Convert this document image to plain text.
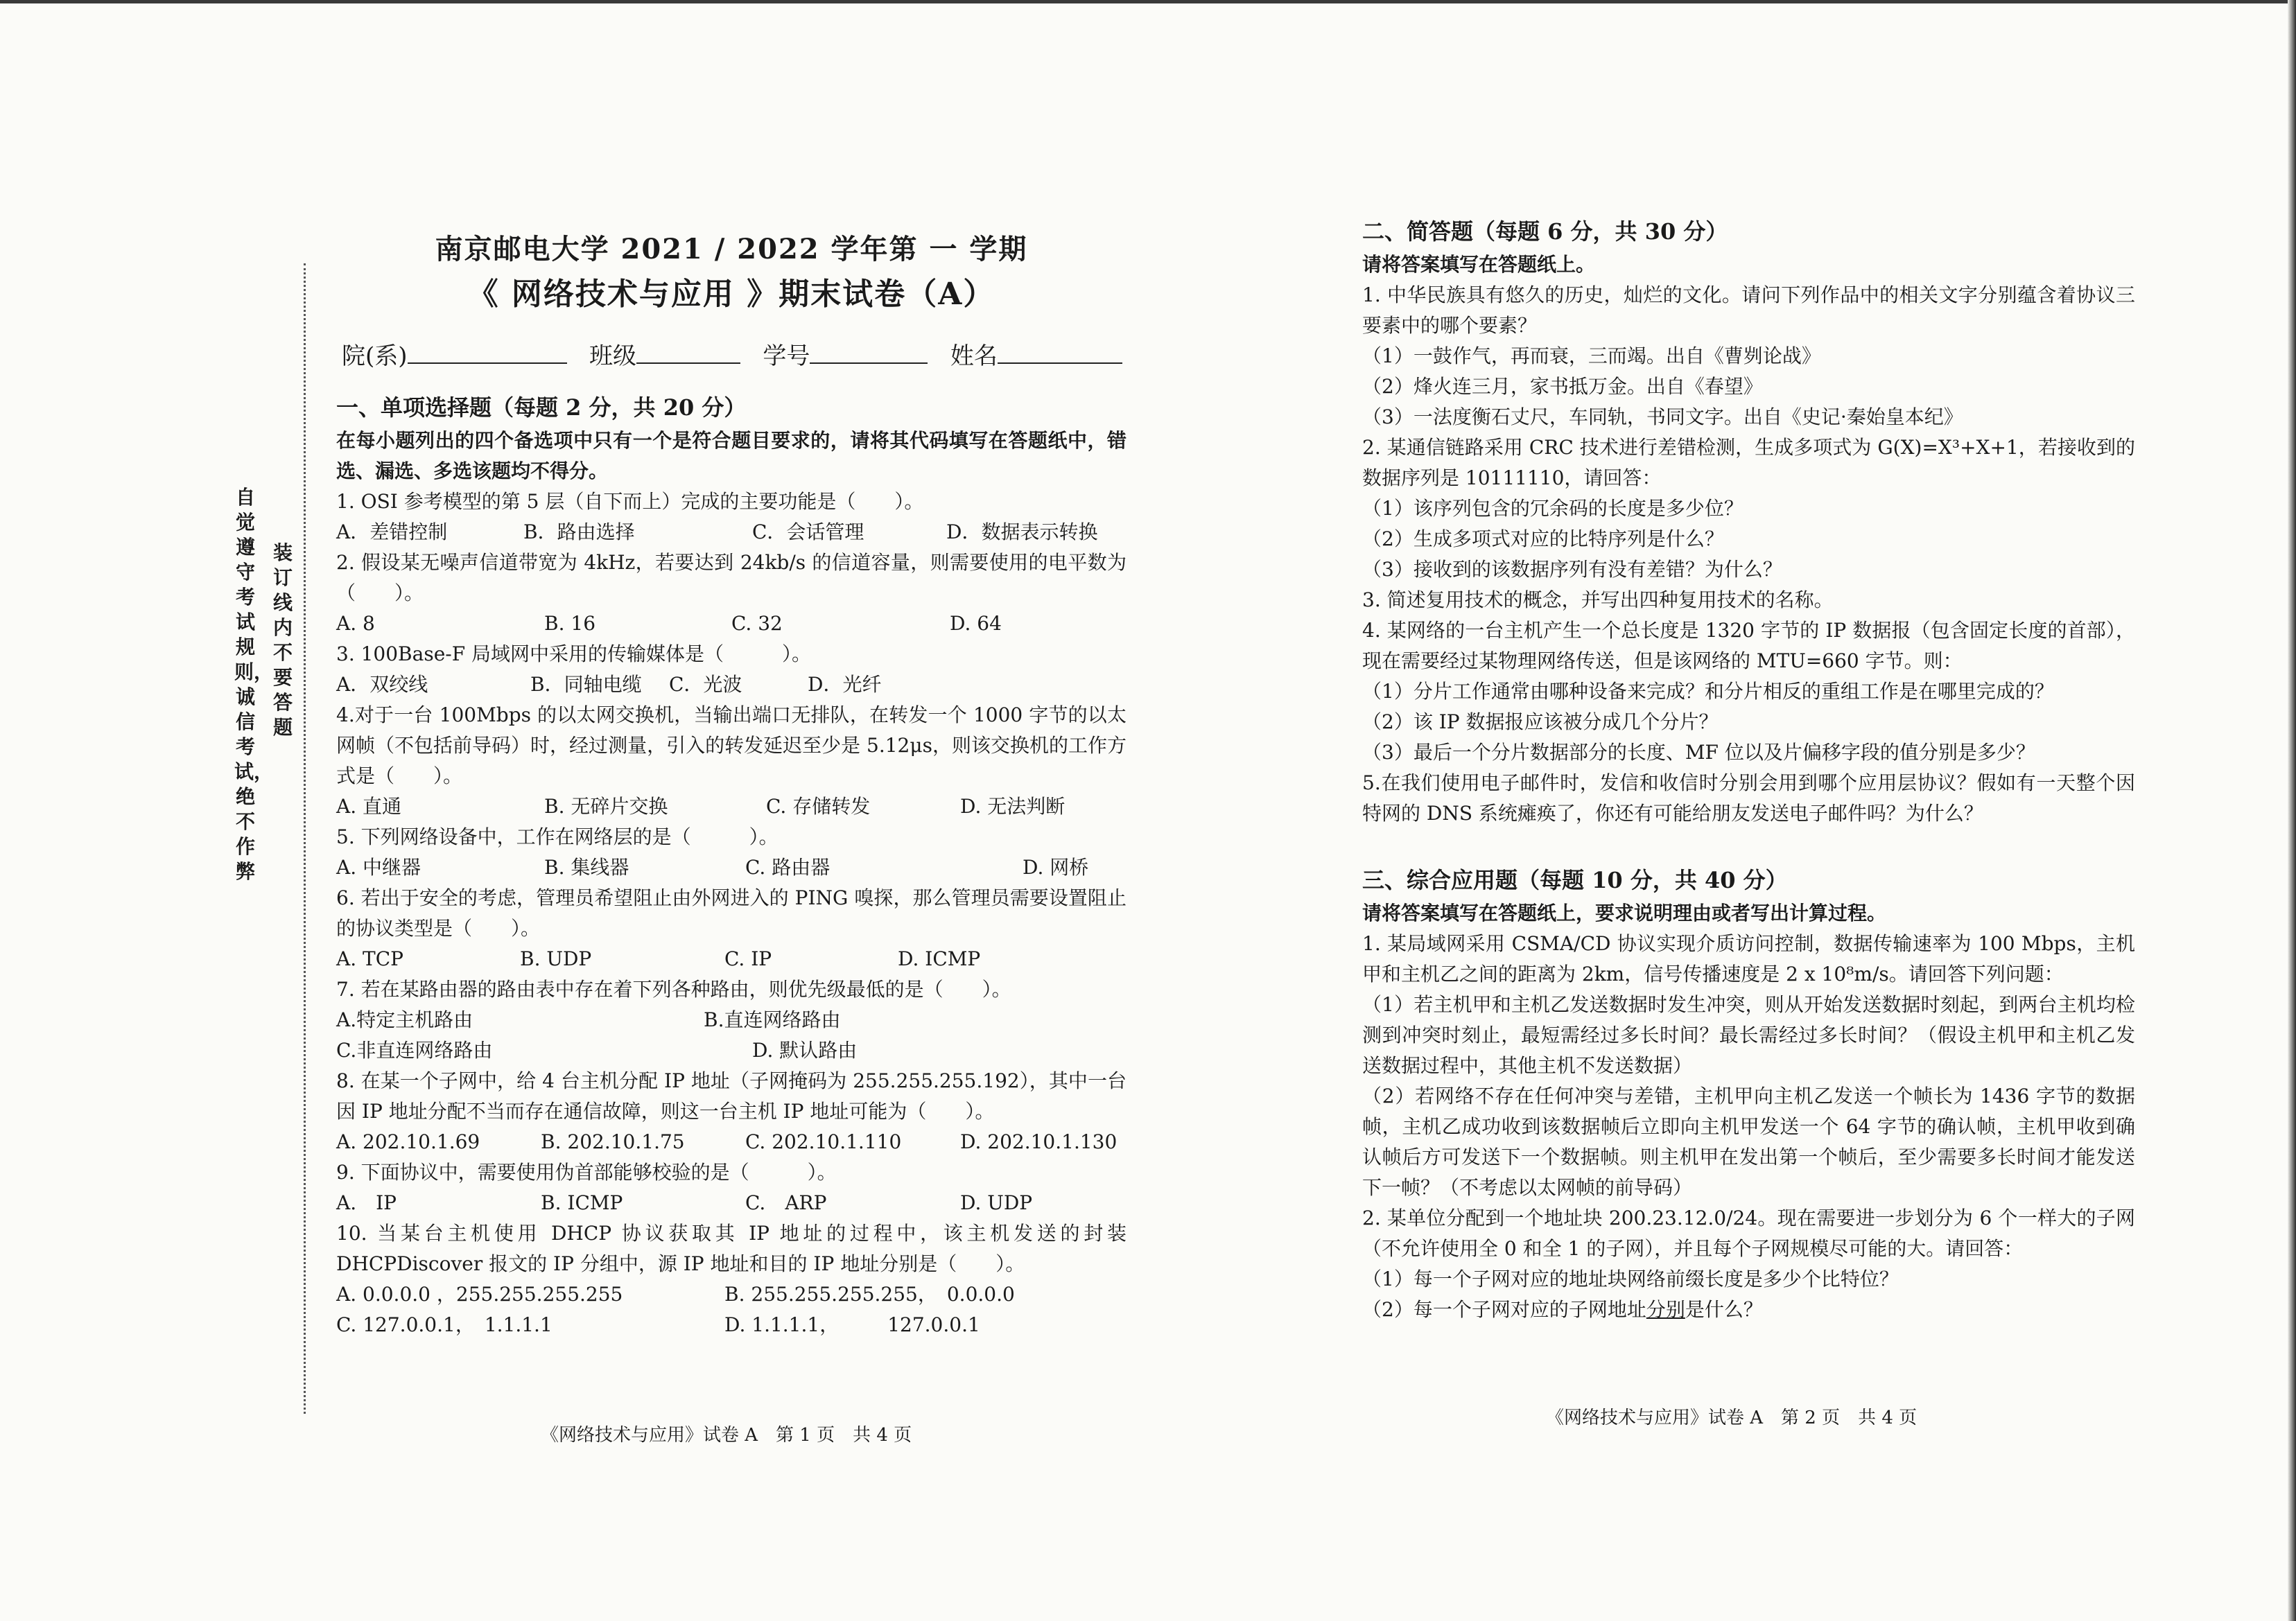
自觉遵守考试规则，诚信考试，绝不作弊
装订线内不要答题
南京邮电大学 2021 / 2022 学年第 一 学期
《 网络技术与应用 》期末试卷（A）
院(系)	班级	学号	姓名
一、单项选择题（每题 2 分，共 20 分）
在每小题列出的四个备选项中只有一个是符合题目要求的，请将其代码填写在答题纸中，错选、漏选、多选该题均不得分。
1. OSI 参考模型的第 5 层（自下而上）完成的主要功能是（　　）。
A．差错控制	B．路由选择	C．会话管理	D．数据表示转换
2. 假设某无噪声信道带宽为 4kHz，若要达到 24kb/s 的信道容量，则需要使用的电平数为（　　）。
A. 8	B. 16	C. 32	D. 64
3. 100Base-F 局域网中采用的传输媒体是（　　　）。
A．双绞线	B．同轴电缆	C．光波	D．光纤
4.对于一台 100Mbps 的以太网交换机，当输出端口无排队，在转发一个 1000 字节的以太网帧（不包括前导码）时，经过测量，引入的转发延迟至少是 5.12μs，则该交换机的工作方式是（　　）。
A. 直通	B. 无碎片交换	C. 存储转发	D. 无法判断
5. 下列网络设备中，工作在网络层的是（　　　）。
A. 中继器	B. 集线器	C. 路由器	D. 网桥
6. 若出于安全的考虑，管理员希望阻止由外网进入的 PING 嗅探，那么管理员需要设置阻止的协议类型是（　　）。
A. TCP	B. UDP	C. IP	D. ICMP
7. 若在某路由器的路由表中存在着下列各种路由，则优先级最低的是（　　）。
A.特定主机路由	B.直连网络路由
C.非直连网络路由	D. 默认路由
8. 在某一个子网中，给 4 台主机分配 IP 地址（子网掩码为 255.255.255.192），其中一台因 IP 地址分配不当而存在通信故障，则这一台主机 IP 地址可能为（　　）。
A. 202.10.1.69	B. 202.10.1.75	C. 202.10.1.110	D. 202.10.1.130
9. 下面协议中，需要使用伪首部能够校验的是（　　　）。
A.　IP	B. ICMP	C.　ARP	D. UDP
10. 当某台主机使用 DHCP 协议获取其 IP 地址的过程中，该主机发送的封装 DHCPDiscover 报文的 IP 分组中，源 IP 地址和目的 IP 地址分别是（　　）。
A. 0.0.0.0 ，255.255.255.255	B. 255.255.255.255，　0.0.0.0
C. 127.0.0.1，　1.1.1.1	D. 1.1.1.1，　　　127.0.0.1
《网络技术与应用》试卷 A　第 1 页　共 4 页
二、简答题（每题 6 分，共 30 分）
请将答案填写在答题纸上。
1. 中华民族具有悠久的历史，灿烂的文化。请问下列作品中的相关文字分别蕴含着协议三要素中的哪个要素？
（1）一鼓作气，再而衰，三而竭。出自《曹刿论战》
（2）烽火连三月，家书抵万金。出自《春望》
（3）一法度衡石丈尺，车同轨，书同文字。出自《史记·秦始皇本纪》
2. 某通信链路采用 CRC 技术进行差错检测，生成多项式为 G(X)=X³+X+1，若接收到的数据序列是 10111110，请回答：
（1）该序列包含的冗余码的长度是多少位？
（2）生成多项式对应的比特序列是什么？
（3）接收到的该数据序列有没有差错？为什么？
3. 简述复用技术的概念，并写出四种复用技术的名称。
4. 某网络的一台主机产生一个总长度是 1320 字节的 IP 数据报（包含固定长度的首部），现在需要经过某物理网络传送，但是该网络的 MTU=660 字节。则：
（1）分片工作通常由哪种设备来完成？和分片相反的重组工作是在哪里完成的？
（2）该 IP 数据报应该被分成几个分片？
（3）最后一个分片数据部分的长度、MF 位以及片偏移字段的值分别是多少？
5.在我们使用电子邮件时，发信和收信时分别会用到哪个应用层协议？假如有一天整个因特网的 DNS 系统瘫痪了，你还有可能给朋友发送电子邮件吗？为什么？
三、综合应用题（每题 10 分，共 40 分）
请将答案填写在答题纸上，要求说明理由或者写出计算过程。
1. 某局域网采用 CSMA/CD 协议实现介质访问控制，数据传输速率为 100 Mbps，主机甲和主机乙之间的距离为 2km，信号传播速度是 2 x 10⁸m/s。请回答下列问题：
（1）若主机甲和主机乙发送数据时发生冲突，则从开始发送数据时刻起，到两台主机均检测到冲突时刻止，最短需经过多长时间？最长需经过多长时间？（假设主机甲和主机乙发送数据过程中，其他主机不发送数据）
（2）若网络不存在任何冲突与差错，主机甲向主机乙发送一个帧长为 1436 字节的数据帧，主机乙成功收到该数据帧后立即向主机甲发送一个 64 字节的确认帧，主机甲收到确认帧后方可发送下一个数据帧。则主机甲在发出第一个帧后，至少需要多长时间才能发送下一帧？（不考虑以太网帧的前导码）
2. 某单位分配到一个地址块 200.23.12.0/24。现在需要进一步划分为 6 个一样大的子网（不允许使用全 0 和全 1 的子网），并且每个子网规模尽可能的大。请回答：
（1）每一个子网对应的地址块网络前缀长度是多少个比特位？
（2）每一个子网对应的子网地址分别是什么？
《网络技术与应用》试卷 A　第 2 页　共 4 页
